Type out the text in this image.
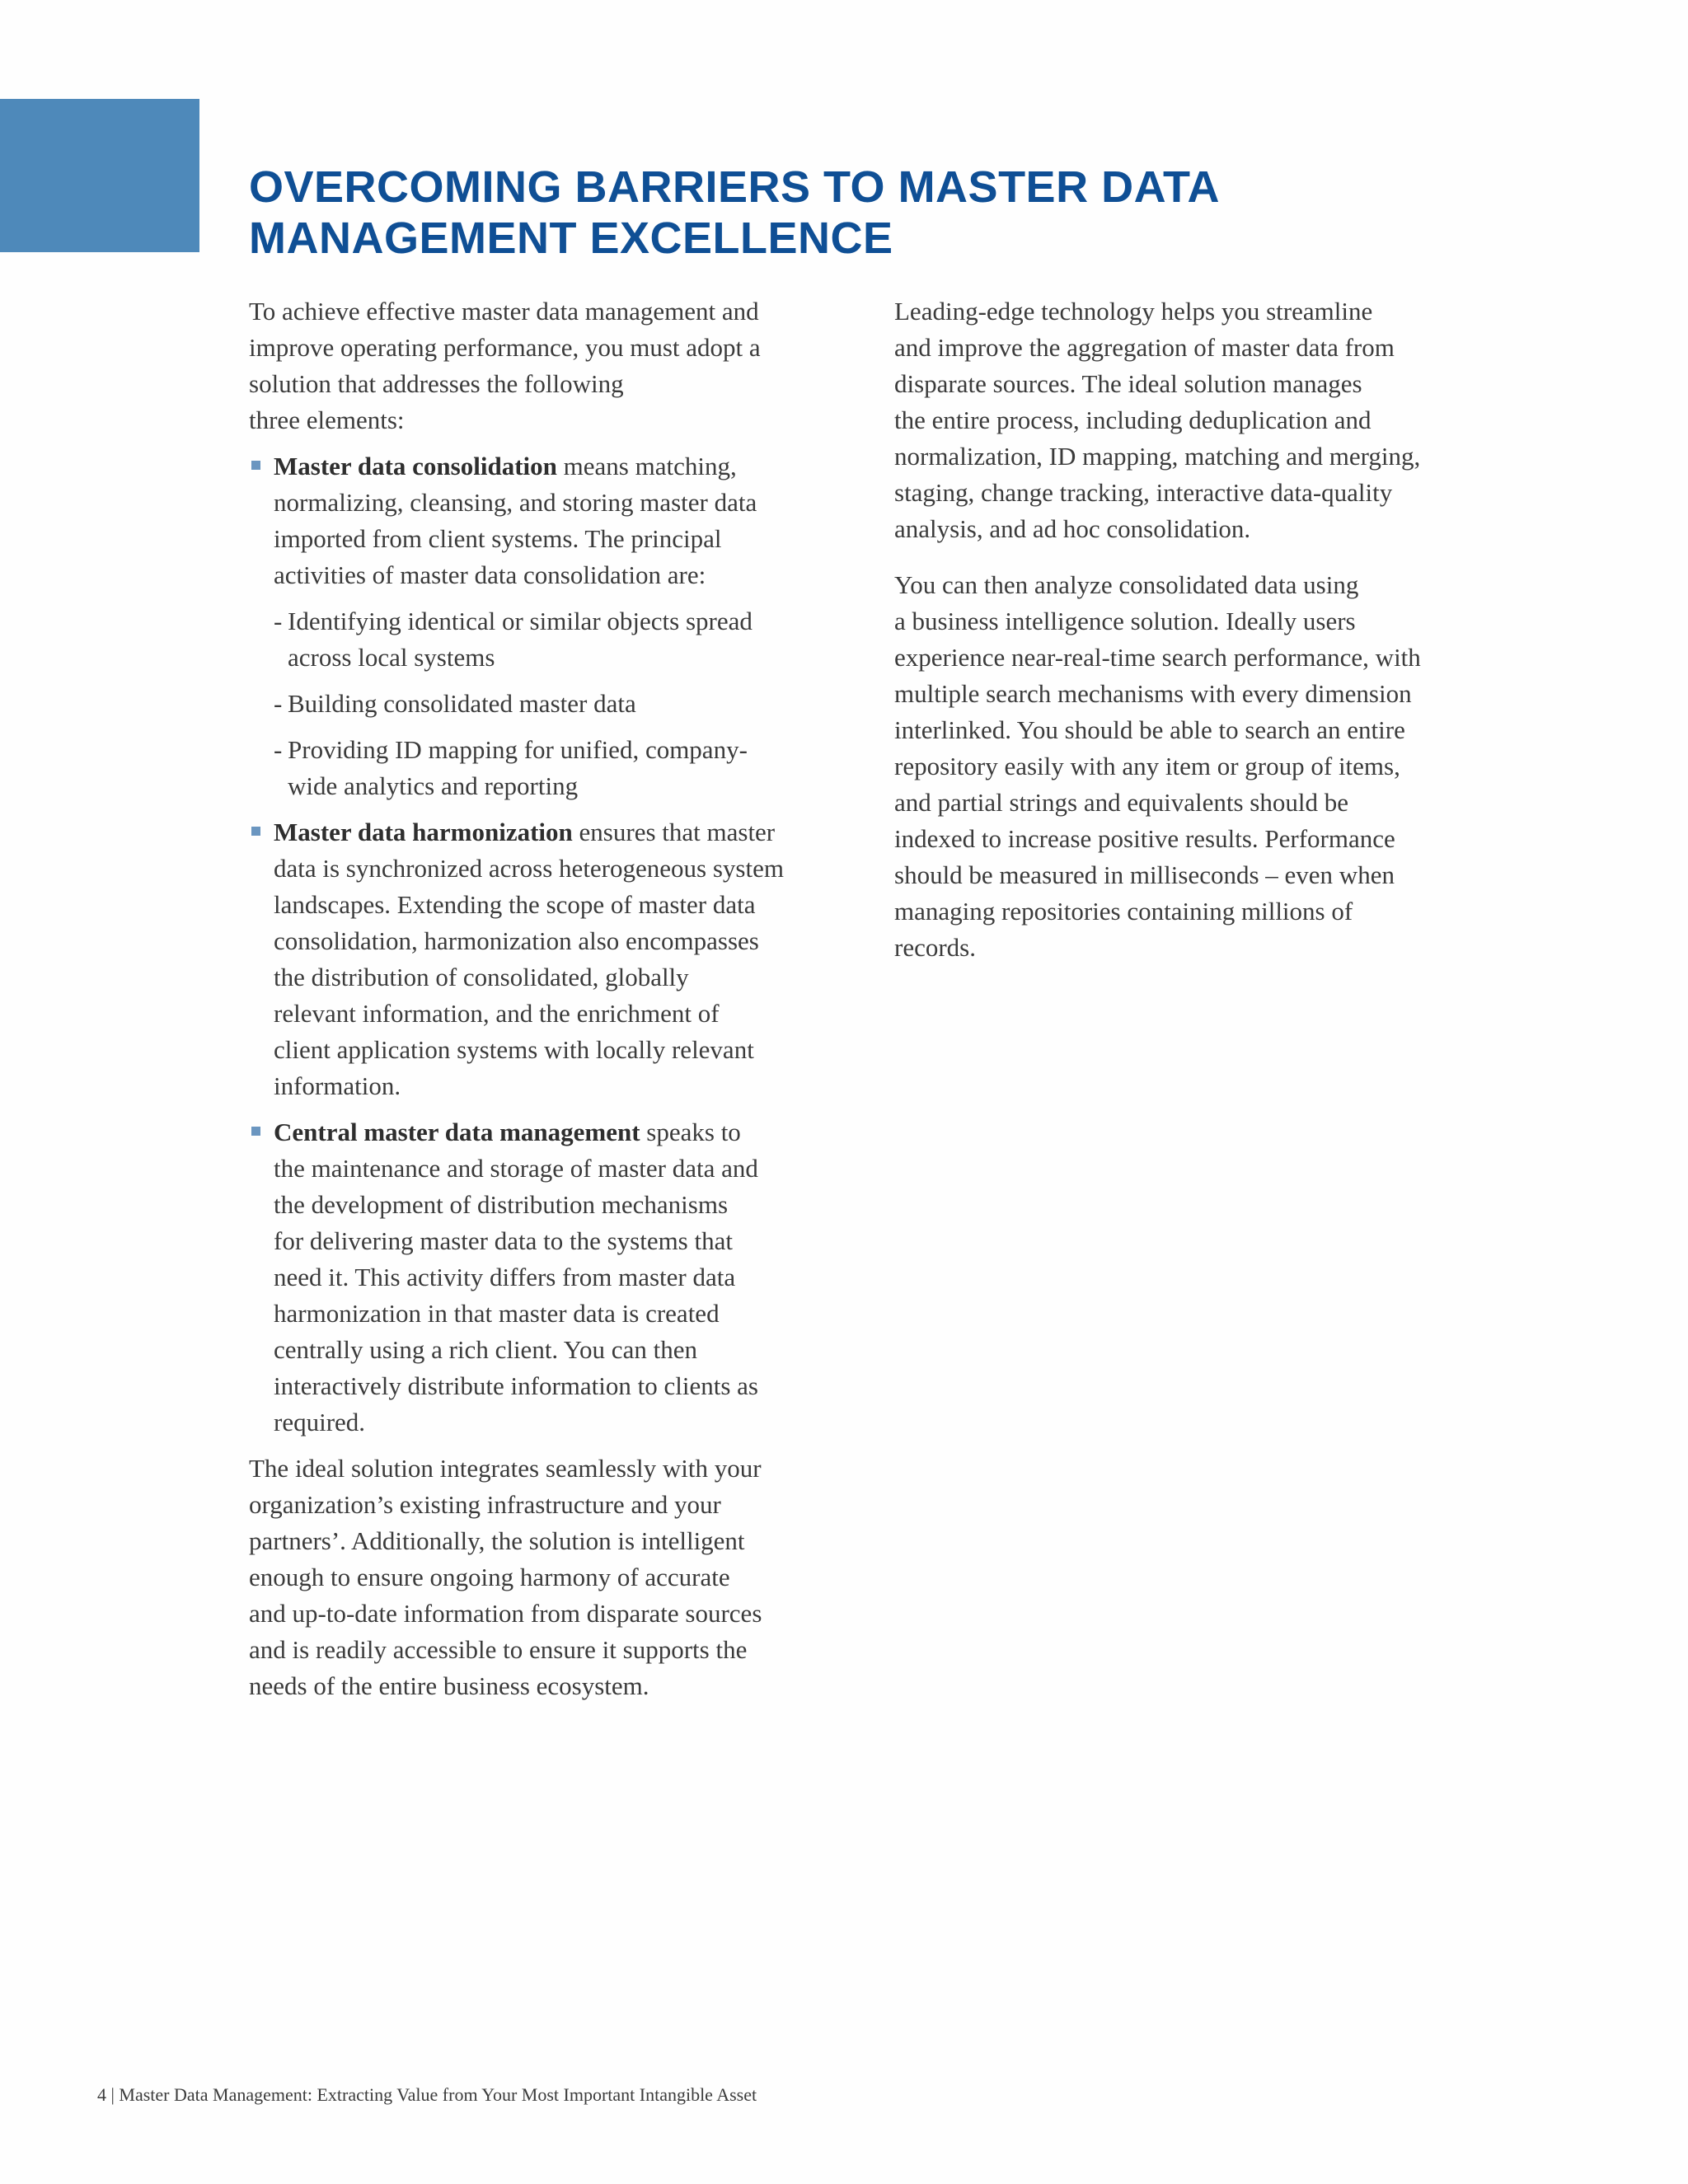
OVERCOMING BARRIERS TO MASTER DATA
MANAGEMENT EXCELLENCE

To achieve effective master data management and
improve operating performance, you must adopt a
solution that addresses the following
three elements:

Master data consolidation means matching,
normalizing, cleansing, and storing master data
imported from client systems. The principal
activities of master data consolidation are:
- Identifying identical or similar objects spread
across local systems
- Building consolidated master data
- Providing ID mapping for unified, company-
wide analytics and reporting
Master data harmonization ensures that master
data is synchronized across heterogeneous system
landscapes. Extending the scope of master data
consolidation, harmonization also encompasses
the distribution of consolidated, globally
relevant information, and the enrichment of
client application systems with locally relevant
information.
Central master data management speaks to
the maintenance and storage of master data and
the development of distribution mechanisms
for delivering master data to the systems that
need it. This activity differs from master data
harmonization in that master data is created
centrally using a rich client. You can then
interactively distribute information to clients as
required.

The ideal solution integrates seamlessly with your
organization’s existing infrastructure and your
partners’. Additionally, the solution is intelligent
enough to ensure ongoing harmony of accurate
and up-to-date information from disparate sources
and is readily accessible to ensure it supports the
needs of the entire business ecosystem.

Leading-edge technology helps you streamline
and improve the aggregation of master data from
disparate sources. The ideal solution manages
the entire process, including deduplication and
normalization, ID mapping, matching and merging,
staging, change tracking, interactive data-quality
analysis, and ad hoc consolidation.

You can then analyze consolidated data using
a business intelligence solution. Ideally users
experience near-real-time search performance, with
multiple search mechanisms with every dimension
interlinked. You should be able to search an entire
repository easily with any item or group of items,
and partial strings and equivalents should be
indexed to increase positive results. Performance
should be measured in milliseconds – even when
managing repositories containing millions of
records.

4 | Master Data Management: Extracting Value from Your Most Important Intangible Asset
